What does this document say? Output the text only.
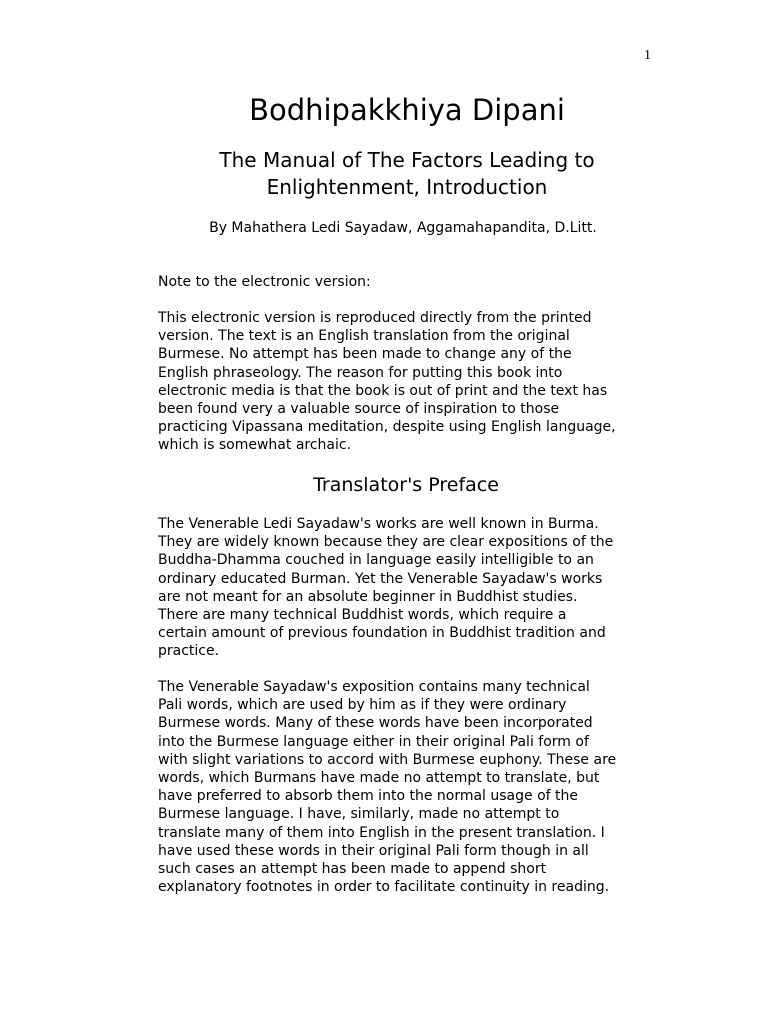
1
Bodhipakkhiya Dipani
The Manual of The Factors Leading to
Enlightenment, Introduction
By Mahathera Ledi Sayadaw, Aggamahapandita, D.Litt.

Note to the electronic version:

This electronic version is reproduced directly from the printed
version. The text is an English translation from the original
Burmese. No attempt has been made to change any of the
English phraseology. The reason for putting this book into
electronic media is that the book is out of print and the text has
been found very a valuable source of inspiration to those
practicing Vipassana meditation, despite using English language,
which is somewhat archaic.

Translator's Preface

The Venerable Ledi Sayadaw's works are well known in Burma.
They are widely known because they are clear expositions of the
Buddha-Dhamma couched in language easily intelligible to an
ordinary educated Burman. Yet the Venerable Sayadaw's works
are not meant for an absolute beginner in Buddhist studies.
There are many technical Buddhist words, which require a
certain amount of previous foundation in Buddhist tradition and
practice.

The Venerable Sayadaw's exposition contains many technical
Pali words, which are used by him as if they were ordinary
Burmese words. Many of these words have been incorporated
into the Burmese language either in their original Pali form of
with slight variations to accord with Burmese euphony. These are
words, which Burmans have made no attempt to translate, but
have preferred to absorb them into the normal usage of the
Burmese language. I have, similarly, made no attempt to
translate many of them into English in the present translation. I
have used these words in their original Pali form though in all
such cases an attempt has been made to append short
explanatory footnotes in order to facilitate continuity in reading.
